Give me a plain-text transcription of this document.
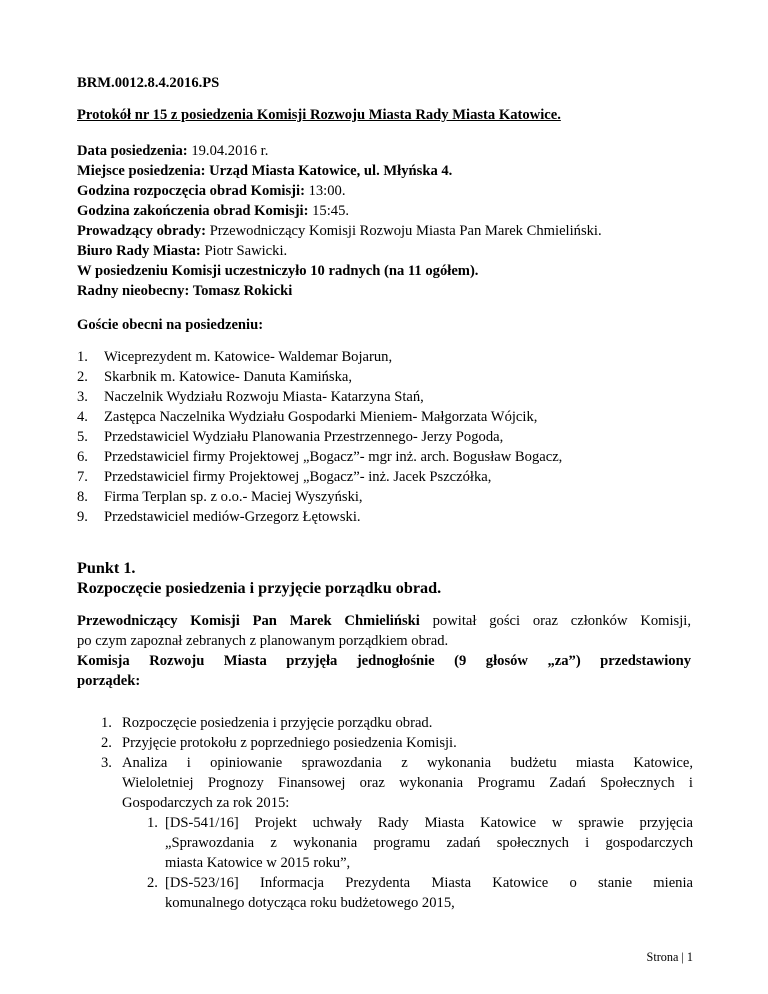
BRM.0012.8.4.2016.PS
Protokół nr 15 z posiedzenia Komisji Rozwoju Miasta Rady Miasta Katowice.
Data posiedzenia: 19.04.2016 r.
Miejsce posiedzenia: Urząd Miasta Katowice, ul. Młyńska 4.
Godzina rozpoczęcia obrad Komisji: 13:00.
Godzina zakończenia obrad Komisji: 15:45.
Prowadzący obrady: Przewodniczący Komisji Rozwoju Miasta Pan Marek Chmieliński.
Biuro Rady Miasta: Piotr Sawicki.
W posiedzeniu Komisji uczestniczyło 10 radnych (na 11 ogółem).
Radny nieobecny: Tomasz Rokicki
Goście obecni na posiedzeniu:
1. Wiceprezydent m. Katowice- Waldemar Bojarun,
2. Skarbnik m. Katowice- Danuta Kamińska,
3. Naczelnik Wydziału Rozwoju Miasta- Katarzyna Stań,
4. Zastępca Naczelnika Wydziału Gospodarki Mieniem- Małgorzata Wójcik,
5. Przedstawiciel Wydziału Planowania Przestrzennego- Jerzy Pogoda,
6. Przedstawiciel firmy Projektowej „Bogacz”- mgr inż. arch. Bogusław Bogacz,
7. Przedstawiciel firmy Projektowej „Bogacz”- inż. Jacek Pszczółka,
8. Firma Terplan sp. z o.o.- Maciej Wyszyński,
9. Przedstawiciel mediów-Grzegorz Łętowski.
Punkt 1.
Rozpoczęcie posiedzenia i przyjęcie porządku obrad.
Przewodniczący Komisji Pan Marek Chmieliński powitał gości oraz członków Komisji,
po czym zapoznał zebranych z planowanym porządkiem obrad.
Komisja Rozwoju Miasta przyjęła jednogłośnie (9 głosów „za”) przedstawiony
porządek:
1. Rozpoczęcie posiedzenia i przyjęcie porządku obrad.
2. Przyjęcie protokołu z poprzedniego posiedzenia Komisji.
3. Analiza i opiniowanie sprawozdania z wykonania budżetu miasta Katowice,
Wieloletniej Prognozy Finansowej oraz wykonania Programu Zadań Społecznych i
Gospodarczych za rok 2015:
1. [DS-541/16] Projekt uchwały Rady Miasta Katowice w sprawie przyjęcia
„Sprawozdania z wykonania programu zadań społecznych i gospodarczych
miasta Katowice w 2015 roku”,
2. [DS-523/16] Informacja Prezydenta Miasta Katowice o stanie mienia
komunalnego dotycząca roku budżetowego 2015,
Strona | 1
